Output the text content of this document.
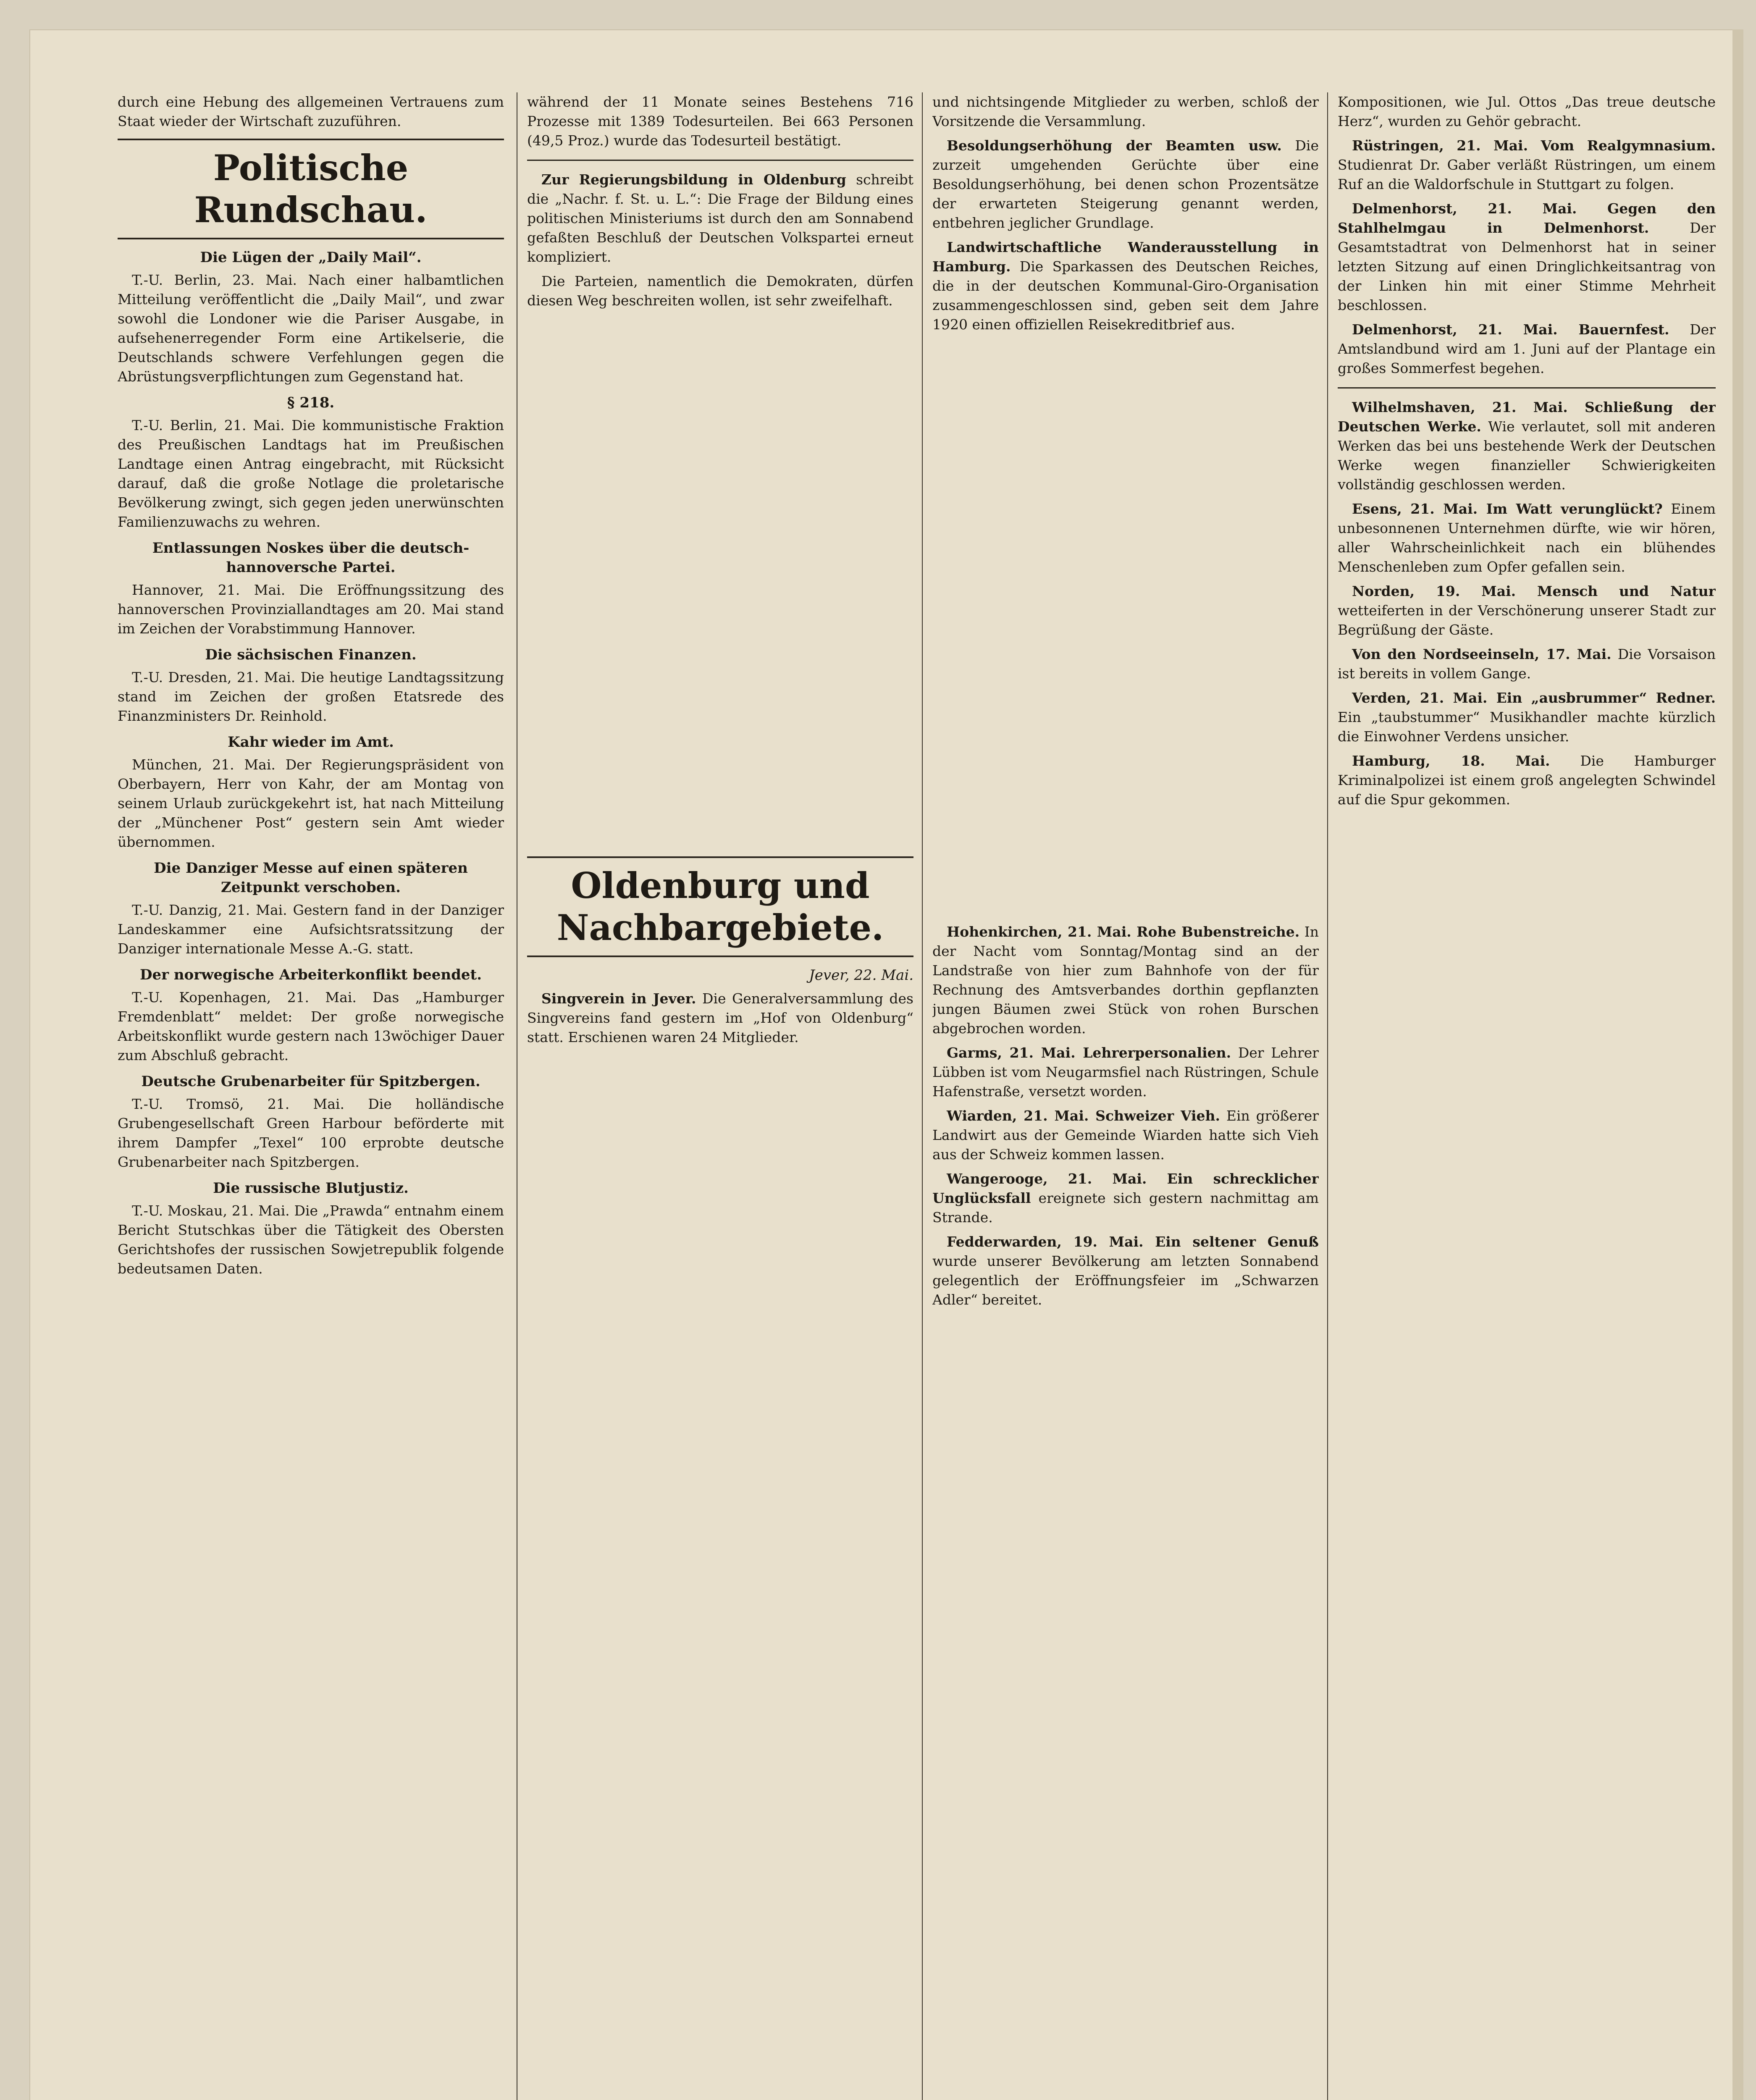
durch eine Hebung des allgemeinen Vertrauens zum Staat wieder der Wirtschaft zuzuführen.

Politische Rundschau.
Die Lügen der „Daily Mail“.

T.-U. Berlin, 23. Mai. Nach einer halbamtlichen Mitteilung veröffentlicht die „Daily Mail“, und zwar sowohl die Londoner wie die Pariser Ausgabe, in aufsehenerregender Form eine Artikelserie, die Deutschlands schwere Verfehlungen gegen die Abrüstungsverpflichtungen zum Gegenstand hat.

§ 218.

T.-U. Berlin, 21. Mai. Die kommunistische Fraktion des Preußischen Landtags hat im Preußischen Landtage einen Antrag eingebracht, mit Rücksicht darauf, daß die große Notlage die proletarische Bevölkerung zwingt, sich gegen jeden unerwünschten Familienzuwachs zu wehren.

Entlassungen Noskes über die deutsch-hannoversche Partei.

Hannover, 21. Mai. Die Eröffnungssitzung des hannoverschen Provinziallandtages am 20. Mai stand im Zeichen der Vorabstimmung Hannover.

Die sächsischen Finanzen.

T.-U. Dresden, 21. Mai. Die heutige Landtagssitzung stand im Zeichen der großen Etatsrede des Finanzministers Dr. Reinhold.

Kahr wieder im Amt.

München, 21. Mai. Der Regierungspräsident von Oberbayern, Herr von Kahr, der am Montag von seinem Urlaub zurückgekehrt ist, hat nach Mitteilung der „Münchener Post“ gestern sein Amt wieder übernommen.

Die Danziger Messe auf einen späteren Zeitpunkt verschoben.

T.-U. Danzig, 21. Mai. Gestern fand in der Danziger Landeskammer eine Aufsichtsratssitzung der Danziger internationale Messe A.-G. statt.

Der norwegische Arbeiterkonflikt beendet.

T.-U. Kopenhagen, 21. Mai. Das „Hamburger Fremdenblatt“ meldet: Der große norwegische Arbeitskonflikt wurde gestern nach 13wöchiger Dauer zum Abschluß gebracht.

Deutsche Grubenarbeiter für Spitzbergen.

T.-U. Tromsö, 21. Mai. Die holländische Grubengesellschaft Green Harbour beförderte mit ihrem Dampfer „Texel“ 100 erprobte deutsche Grubenarbeiter nach Spitzbergen.

Die russische Blutjustiz.

T.-U. Moskau, 21. Mai. Die „Prawda“ entnahm einem Bericht Stutschkas über die Tätigkeit des Obersten Gerichtshofes der russischen Sowjetrepublik folgende bedeutsamen Daten.

während der 11 Monate seines Bestehens 716 Prozesse mit 1389 Todesurteilen. Bei 663 Personen (49,5 Proz.) wurde das Todesurteil bestätigt.

Zur Regierungsbildung in Oldenburg schreibt die „Nachr. f. St. u. L.“: Die Frage der Bildung eines politischen Ministeriums ist durch den am Sonnabend gefaßten Beschluß der Deutschen Volkspartei erneut kompliziert.

Die Parteien, namentlich die Demokraten, dürfen diesen Weg beschreiten wollen, ist sehr zweifelhaft.

Oldenburg und Nachbargebiete.
Jever, 22. Mai.

Singverein in Jever. Die Generalversammlung des Singvereins fand gestern im „Hof von Oldenburg“ statt. Erschienen waren 24 Mitglieder.

und nichtsingende Mitglieder zu werben, schloß der Vorsitzende die Versammlung.

Besoldungserhöhung der Beamten usw. Die zurzeit umgehenden Gerüchte über eine Besoldungserhöhung, bei denen schon Prozentsätze der erwarteten Steigerung genannt werden, entbehren jeglicher Grundlage.

Landwirtschaftliche Wanderausstellung in Hamburg. Die Sparkassen des Deutschen Reiches, die in der deutschen Kommunal-Giro-Organisation zusammengeschlossen sind, geben seit dem Jahre 1920 einen offiziellen Reisekreditbrief aus.

Hohenkirchen, 21. Mai. Rohe Bubenstreiche. In der Nacht vom Sonntag/Montag sind an der Landstraße von hier zum Bahnhofe von der für Rechnung des Amtsverbandes dorthin gepflanzten jungen Bäumen zwei Stück von rohen Burschen abgebrochen worden.

Garms, 21. Mai. Lehrerpersonalien. Der Lehrer Lübben ist vom Neugarmsfiel nach Rüstringen, Schule Hafenstraße, versetzt worden.

Wiarden, 21. Mai. Schweizer Vieh. Ein größerer Landwirt aus der Gemeinde Wiarden hatte sich Vieh aus der Schweiz kommen lassen.

Wangerooge, 21. Mai. Ein schrecklicher Unglücksfall ereignete sich gestern nachmittag am Strande.

Fedderwarden, 19. Mai. Ein seltener Genuß wurde unserer Bevölkerung am letzten Sonnabend gelegentlich der Eröffnungsfeier im „Schwarzen Adler“ bereitet.

Kompositionen, wie Jul. Ottos „Das treue deutsche Herz“, wurden zu Gehör gebracht.

Rüstringen, 21. Mai. Vom Realgymnasium. Studienrat Dr. Gaber verläßt Rüstringen, um einem Ruf an die Waldorfschule in Stuttgart zu folgen.

Delmenhorst, 21. Mai. Gegen den Stahlhelmgau in Delmenhorst.	Der Gesamtstadtrat von Delmenhorst hat in seiner letzten Sitzung auf einen Dringlichkeitsantrag von der Linken hin mit einer Stimme Mehrheit beschlossen.

Delmenhorst, 21. Mai. Bauernfest. Der Amtslandbund wird am 1. Juni auf der Plantage ein großes Sommerfest begehen.

Wilhelmshaven, 21. Mai. Schließung der Deutschen Werke. Wie verlautet, soll mit anderen Werken das bei uns bestehende Werk der Deutschen Werke wegen finanzieller Schwierigkeiten vollständig geschlossen werden.

Esens, 21. Mai. Im Watt verunglückt? Einem unbesonnenen Unternehmen dürfte, wie wir hören, aller Wahrscheinlichkeit nach ein blühendes Menschenleben zum Opfer gefallen sein.

Norden, 19. Mai. Mensch und Natur wetteiferten in der Verschönerung unserer Stadt zur Begrüßung der Gäste.

Von den Nordseeinseln, 17. Mai. Die Vorsaison ist bereits in vollem Gange.

Verden, 21. Mai. Ein „ausbrummer“ Redner. Ein „taubstummer“ Musikhandler machte kürzlich die Einwohner Verdens unsicher.

Hamburg, 18. Mai. Die Hamburger Kriminalpolizei ist einem groß angelegten Schwindel auf die Spur gekommen.
